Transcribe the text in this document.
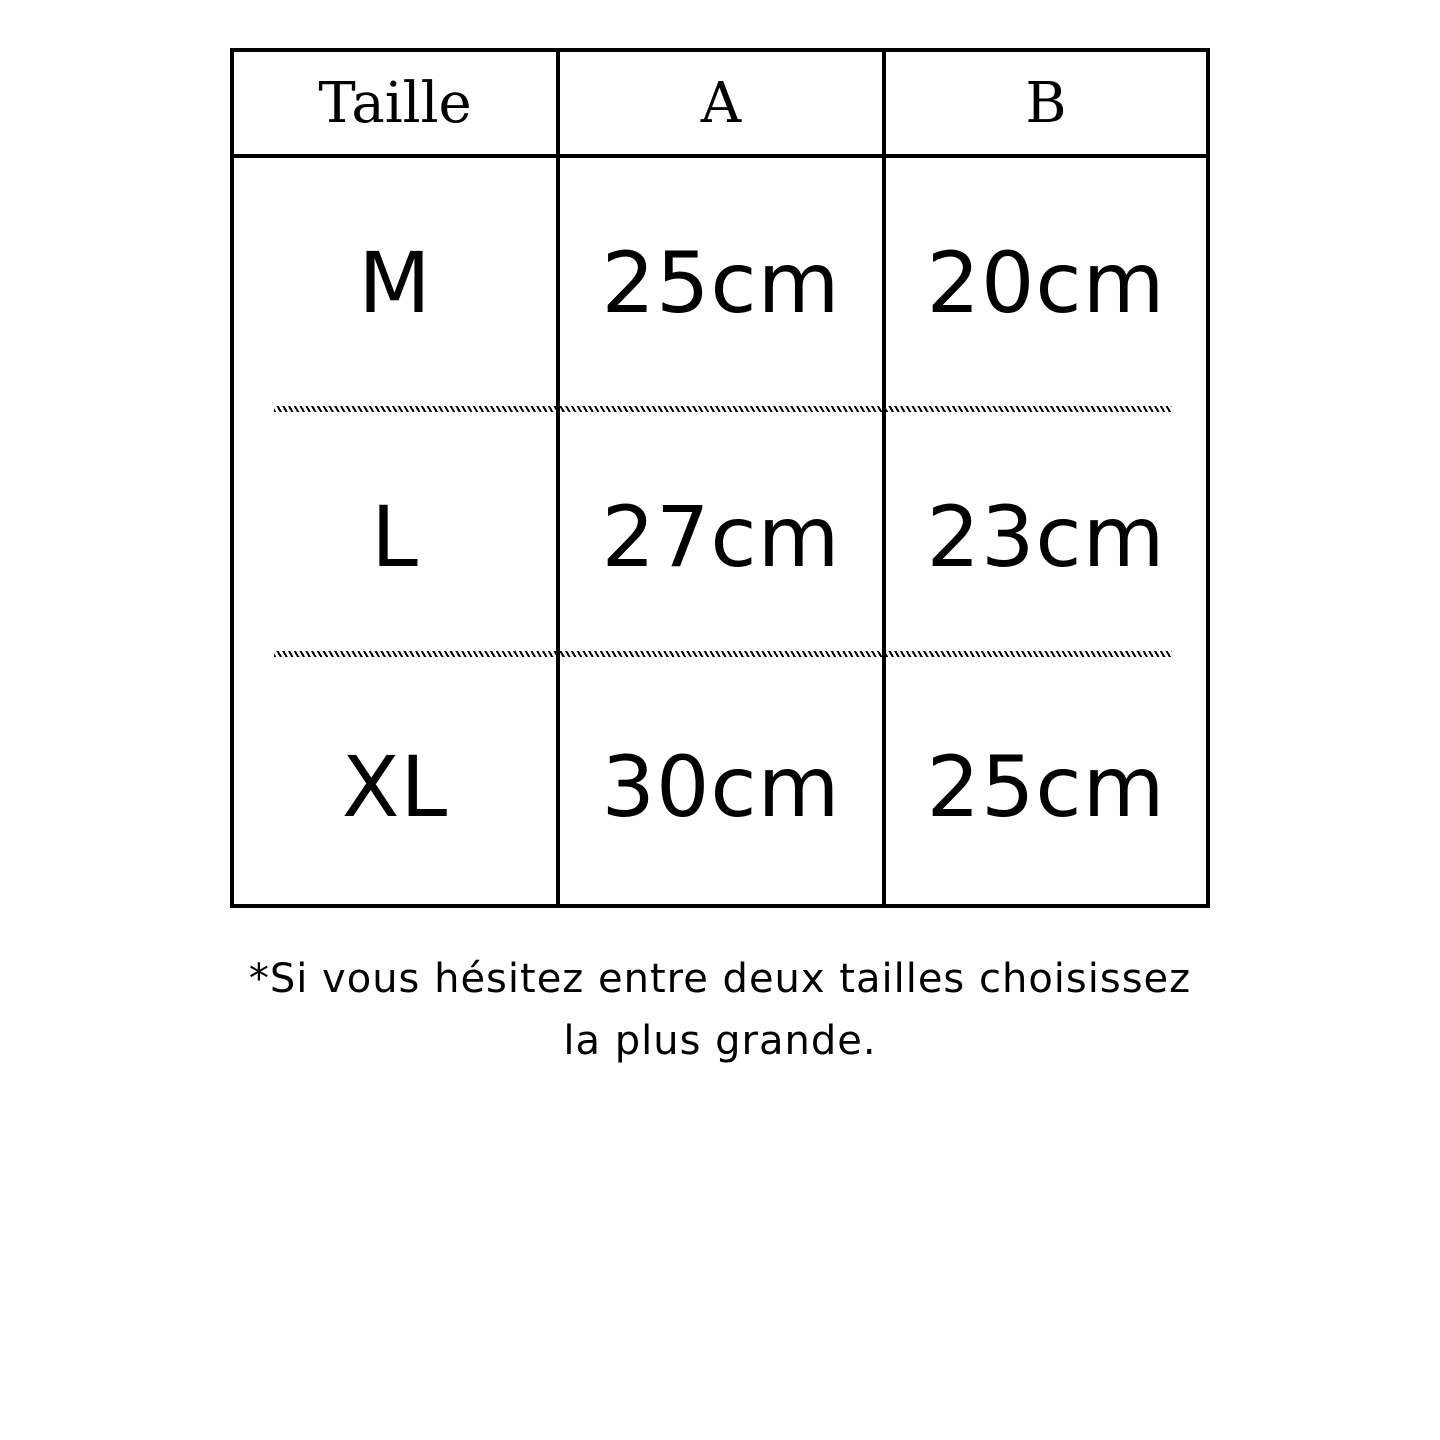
Taille	A	B
M	25cm	20cm
L	27cm	23cm
XL	30cm	25cm
*Si vous hésitez entre deux tailles choisissez
la plus grande.
